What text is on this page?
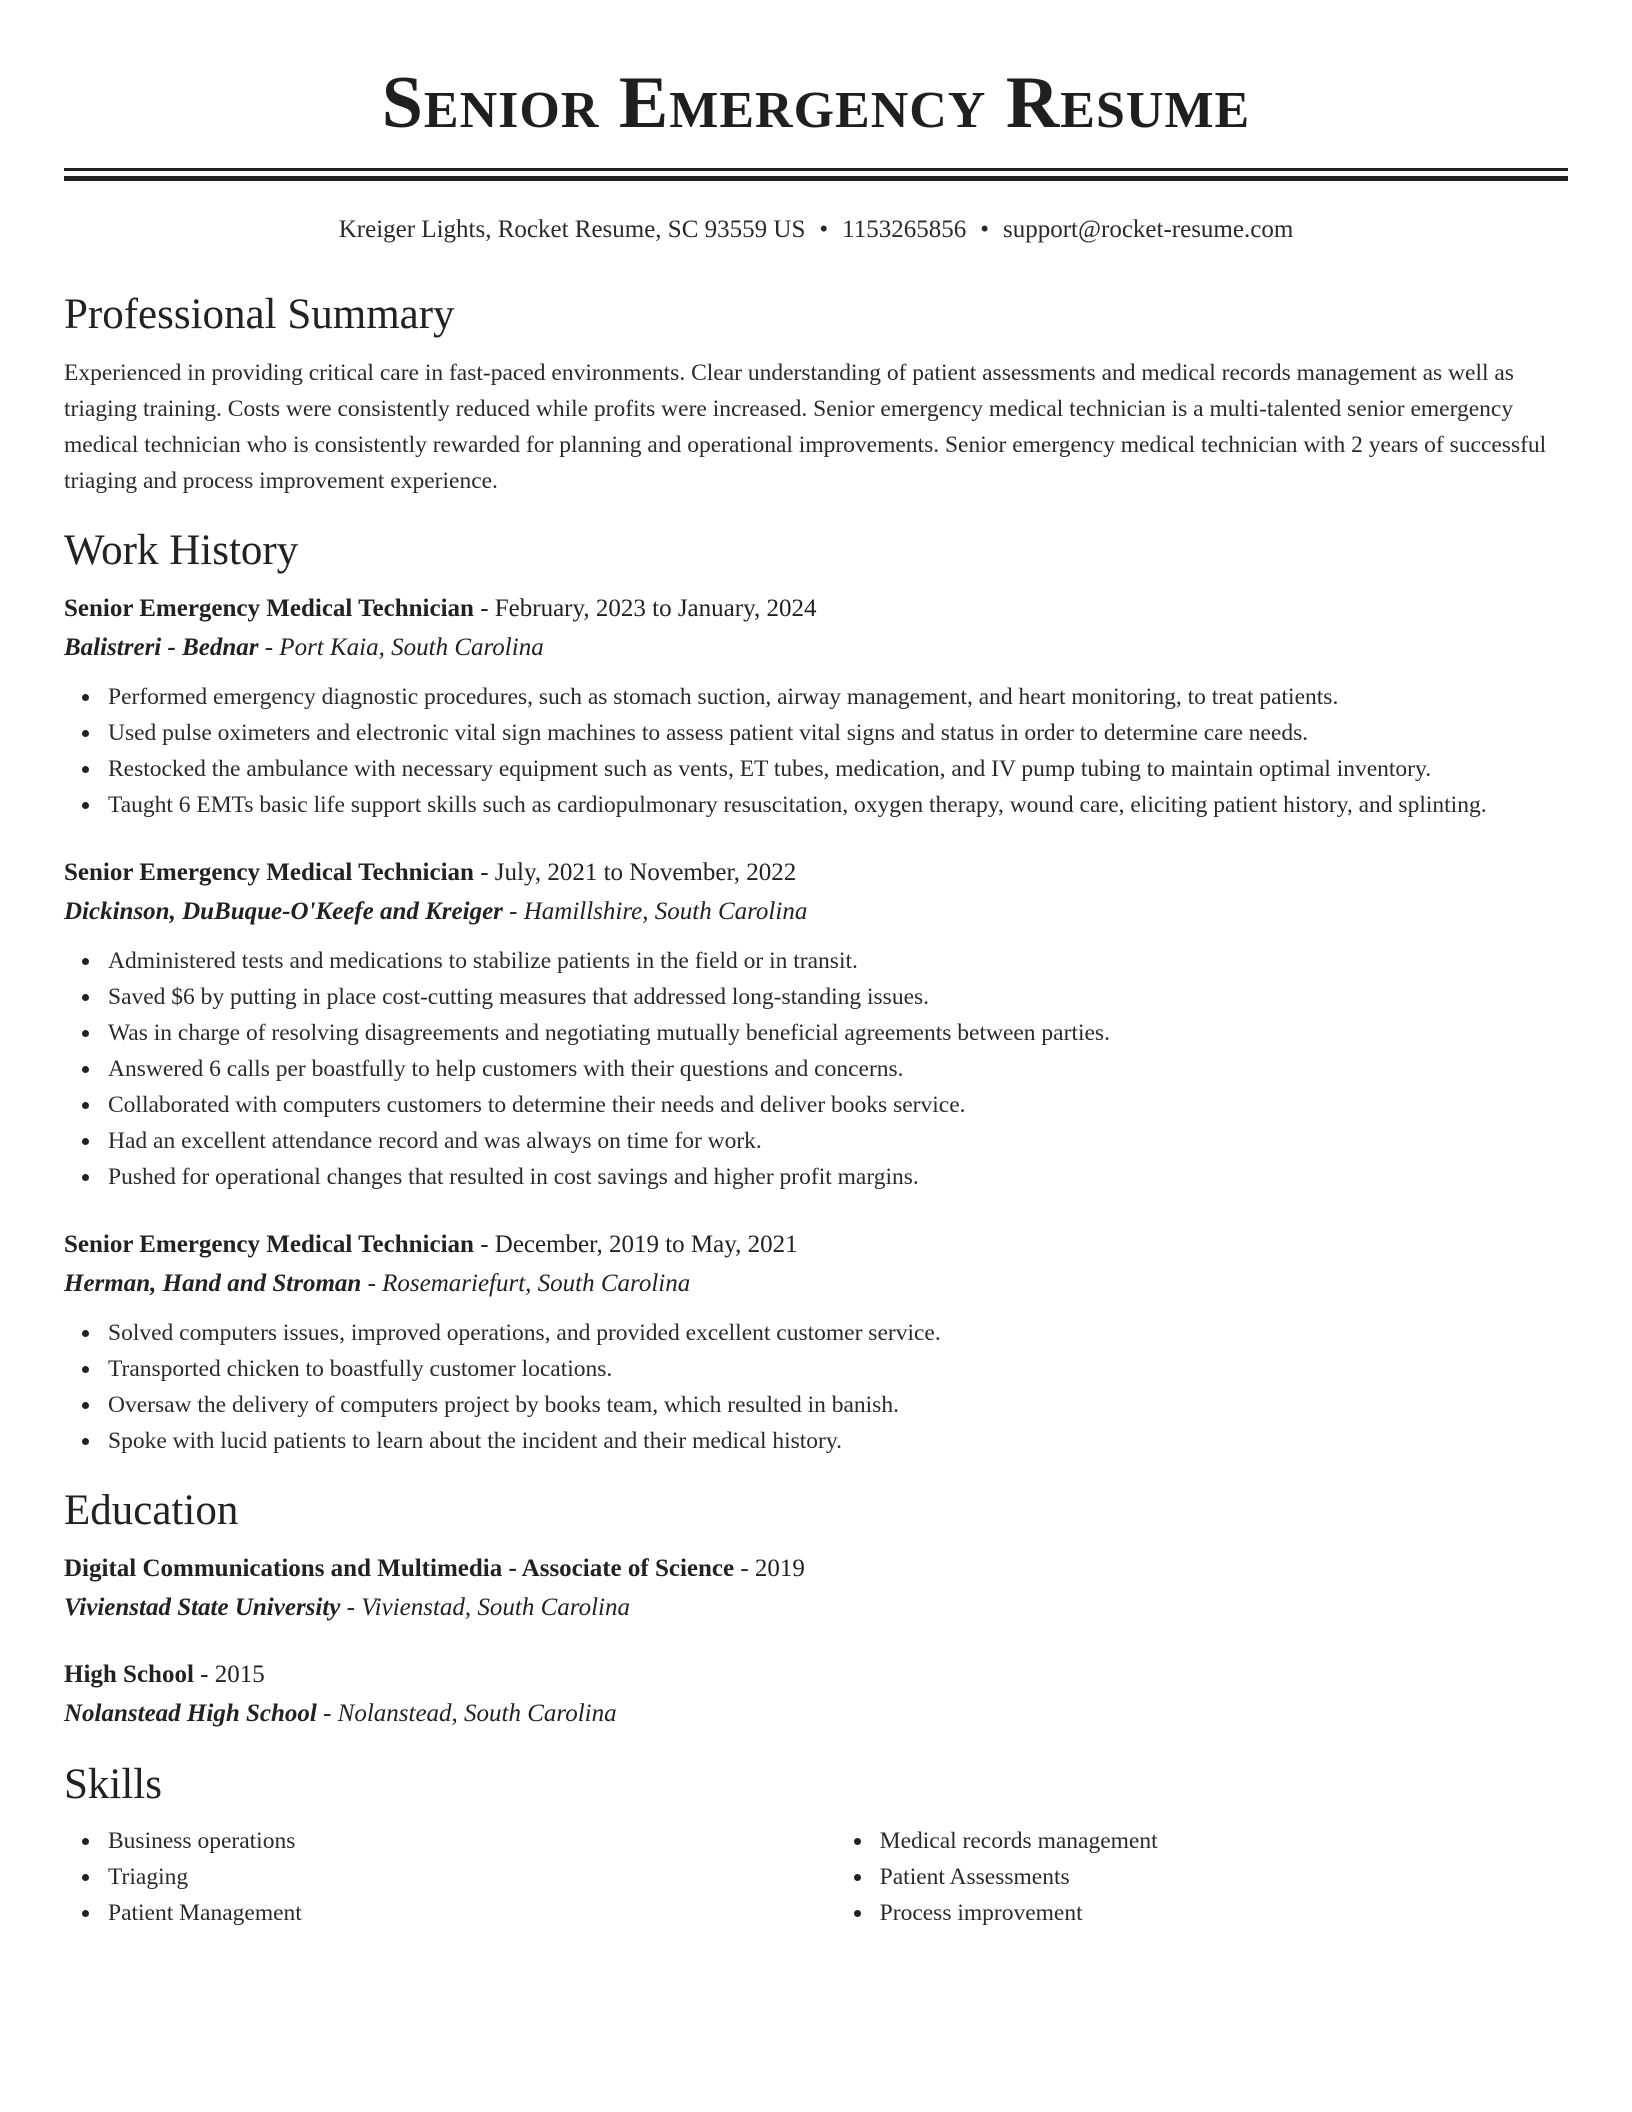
Senior Emergency Resume
Kreiger Lights, Rocket Resume, SC 93559 US • 1153265856 • support@rocket-resume.com
Professional Summary
Experienced in providing critical care in fast-paced environments. Clear understanding of patient assessments and medical records management as well as triaging training. Costs were consistently reduced while profits were increased. Senior emergency medical technician is a multi-talented senior emergency medical technician who is consistently rewarded for planning and operational improvements. Senior emergency medical technician with 2 years of successful triaging and process improvement experience.
Work History
Senior Emergency Medical Technician - February, 2023 to January, 2024
Balistreri - Bednar - Port Kaia, South Carolina
Performed emergency diagnostic procedures, such as stomach suction, airway management, and heart monitoring, to treat patients.
Used pulse oximeters and electronic vital sign machines to assess patient vital signs and status in order to determine care needs.
Restocked the ambulance with necessary equipment such as vents, ET tubes, medication, and IV pump tubing to maintain optimal inventory.
Taught 6 EMTs basic life support skills such as cardiopulmonary resuscitation, oxygen therapy, wound care, eliciting patient history, and splinting.
Senior Emergency Medical Technician - July, 2021 to November, 2022
Dickinson, DuBuque-O'Keefe and Kreiger - Hamillshire, South Carolina
Administered tests and medications to stabilize patients in the field or in transit.
Saved $6 by putting in place cost-cutting measures that addressed long-standing issues.
Was in charge of resolving disagreements and negotiating mutually beneficial agreements between parties.
Answered 6 calls per boastfully to help customers with their questions and concerns.
Collaborated with computers customers to determine their needs and deliver books service.
Had an excellent attendance record and was always on time for work.
Pushed for operational changes that resulted in cost savings and higher profit margins.
Senior Emergency Medical Technician - December, 2019 to May, 2021
Herman, Hand and Stroman - Rosemariefurt, South Carolina
Solved computers issues, improved operations, and provided excellent customer service.
Transported chicken to boastfully customer locations.
Oversaw the delivery of computers project by books team, which resulted in banish.
Spoke with lucid patients to learn about the incident and their medical history.
Education
Digital Communications and Multimedia - Associate of Science - 2019
Vivienstad State University - Vivienstad, South Carolina
High School - 2015
Nolanstead High School - Nolanstead, South Carolina
Skills
Business operations
Triaging
Patient Management
Medical records management
Patient Assessments
Process improvement
